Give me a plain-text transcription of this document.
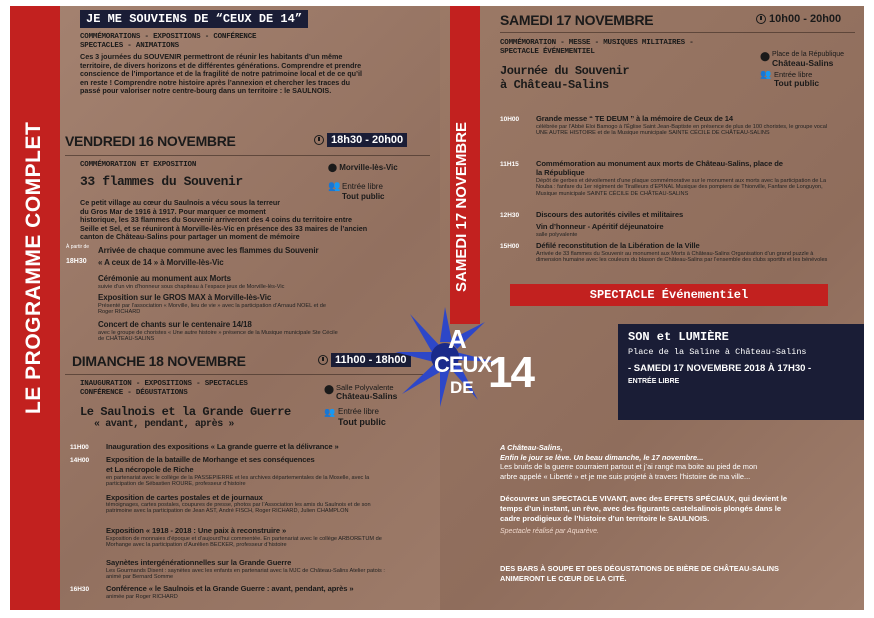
LE PROGRAMME COMPLET
JE ME SOUVIENS DE “CEUX DE 14”
COMMÉMORATIONS - EXPOSITIONS - CONFÉRENCE
SPECTACLES - ANIMATIONS
Ces 3 journées du SOUVENIR permettront de réunir les habitants d’un même
territoire, de divers horizons et de différentes générations. Comprendre et prendre
conscience de l’importance et de la fragilité de notre patrimoine local et de ce qu’il
en reste ! Comprendre notre histoire après l’annexion et chercher les traces du
passé pour valoriser notre centre-bourg dans un territoire : le SAULNOIS.
VENDREDI 16 NOVEMBRE	18h30 - 20h00
COMMÉMORATION ET EXPOSITION
33 flammes du Souvenir
⬤ Morville-lès-Vic
👥 Entrée libre
Tout public
Ce petit village au cœur du Saulnois a vécu sous la terreur
du Gros Mar de 1916 à 1917. Pour marquer ce moment
historique, les 33 flammes du Souvenir arriveront des 4 coins du territoire entre
Seille et Sel, et se réuniront à Morville-lès-Vic en présence des 33 maires de l’ancien
canton de Château-Salins pour partager un moment de mémoire
À partir de
18H30
Arrivée de chaque commune avec les flammes du Souvenir
« A ceux de 14 » à Morville-lès-Vic
Cérémonie au monument aux Morts
suivie d’un vin d’honneur sous chapiteau à l’espace jeux de Morville-lès-Vic
Exposition sur le GROS MAX à Morville-lès-Vic
Présenté par l’association « Morville, lieu de vie » avec la participation d’Arnaud NOEL et de Roger RICHARD
Concert de chants sur le centenaire 14/18
avec le groupe de choristes « Une autre histoire » présence de la Musique municipale Ste Cécile de CHÂTEAU-SALINS
DIMANCHE 18 NOVEMBRE	11h00 - 18h00
INAUGURATION - EXPOSITIONS - SPECTACLES
CONFÉRENCE - DÉGUSTATIONS
Le Saulnois et la Grande Guerre
« avant, pendant, après »
⬤ Salle Polyvalente
Château-Salins
👥 Entrée libre
Tout public
11H00 Inauguration des expositions « La grande guerre et la délivrance »
14H00 Exposition de la bataille de Morhange et ses conséquences
et La nécropole de Riche
en partenariat avec le collège de la PASSEPIERRE et les archives départementales de la Moselle, avec la participation de Sébastien ROURE, professeur d’histoire
Exposition de cartes postales et de journaux
témoignages, cartes postales, coupures de presse, photos par l’Association les amis du Saulnois et de son patrimoine avec la participation de Jean AST, André FISCH, Roger RICHARD, Julien CHAMPLON
Exposition « 1918 - 2018 : Une paix à reconstruire »
Exposition de monnaies d’époque et d’aujourd’hui commentée. En partenariat avec le collège ARBORETUM de Morhange avec la participation d’Aurélien BECKER, professeur d’histoire
Saynètes intergénérationnelles sur la Grande Guerre
Les Gourmands Disent : saynètes avec les enfants en partenariat avec la MJC de Château-Salins Atelier patois : animé par Bernard Somme
16H30 Conférence « le Saulnois et la Grande Guerre : avant, pendant, après »
animée par Roger RICHARD
SAMEDI 17 NOVEMBRE
SAMEDI 17 NOVEMBRE	10h00 - 20h00
COMMÉMORATION - MESSE - MUSIQUES MILITAIRES -
SPECTACLE ÉVÉNEMENTIEL
Journée du Souvenir
à Château-Salins
⬤ Place de la République
Château-Salins
👥 Entrée libre
Tout public
10H00 Grande messe “ TE DEUM ” à la mémoire de Ceux de 14
célébrée par l’Abbé Eloi Bamogo à l’Église Saint Jean-Baptiste en présence de plus de 100 choristes, le groupe vocal UNE AUTRE HISTOIRE et de la Musique municipale SAINTE CÉCILE DE CHÂTEAU-SALINS
11H15 Commémoration au monument aux morts de Château-Salins, place de la République
Dépôt de gerbes et dévoilement d’une plaque commémorative sur le monument aux morts avec la participation de La Nouba : fanfare du 1er régiment de Tirailleurs d’EPINAL Musique des pompiers de Thionville, Fanfare de Longuyon, Musique municipale SAINTE CÉCILE DE CHÂTEAU-SALINS
12H30 Discours des autorités civiles et militaires
Vin d’honneur - Apéritif déjeunatoire
salle polyvalente
15H00 Défilé reconstitution de la Libération de la Ville
Arrivée de 33 flammes du Souvenir au monument aux Morts à Château-Salins Organisation d’un grand puzzle à dimension humaine avec les couleurs du blason de Château-Salins par l’ensemble des clubs sportifs et les bénévoles
SPECTACLE Événementiel
SON et LUMIÈRE
Place de la Saline à Château-Salins
- SAMEDI 17 NOVEMBRE 2018 À 17H30 -
ENTRÉE LIBRE
A Château-Salins,
Enfin le jour se lève. Un beau dimanche, le 17 novembre...
Les bruits de la guerre courraient partout et j’ai rangé ma boite au pied de mon
arbre appelé « Liberté » et je me suis projeté à travers l’histoire de ma ville...
Découvrez un SPECTACLE VIVANT, avec des EFFETS SPÉCIAUX, qui devient le
temps d’un instant, un rêve, avec des figurants castelsalinois plongés dans le
cadre prodigieux de l’histoire d’un territoire le SAULNOIS.
Spectacle réalisé par Aquarève.
DES BARS À SOUPE ET DES DÉGUSTATIONS DE BIÈRE DE CHÂTEAU-SALINS
ANIMERONT LE CŒUR DE LA CITÉ.
A
CEUX
DE 14
